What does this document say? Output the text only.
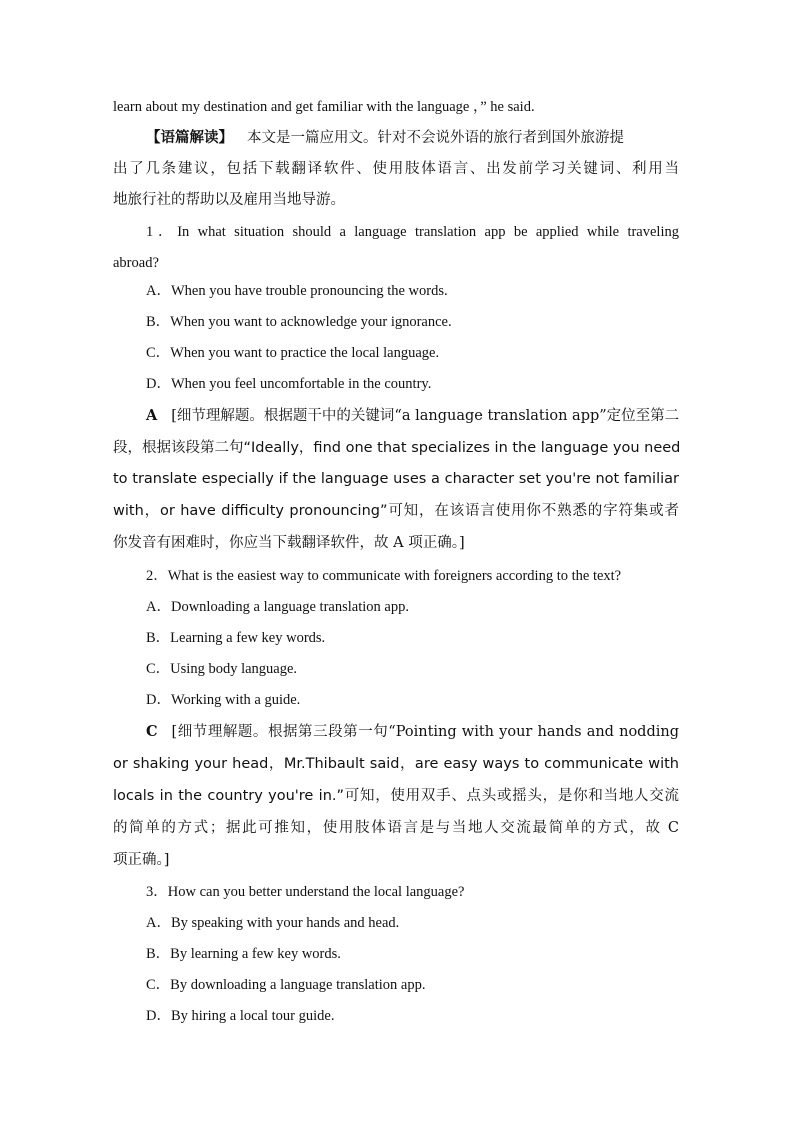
learn about my destination and get familiar with the language ，” he said.
【语篇解读】 本文是一篇应用文。针对不会说外语的旅行者到国外旅游提
出了几条建议，包括下载翻译软件、使用肢体语言、出发前学习关键词、利用当
地旅行社的帮助以及雇用当地导游。
1．In what situation should a language translation app be applied while traveling
abroad?
A．When you have trouble pronouncing the words.
B．When you want to acknowledge your ignorance.
C．When you want to practice the local language.
D．When you feel uncomfortable in the country.
A [细节理解题。根据题干中的关键词“a language translation app”定位至第二
段，根据该段第二句“Ideally，find one that specializes in the language you need
to translate especially if the language uses a character set you're not familiar
with，or have difficulty pronouncing”可知，在该语言使用你不熟悉的字符集或者
你发音有困难时，你应当下载翻译软件，故 A 项正确。]
2．What is the easiest way to communicate with foreigners according to the text?
A．Downloading a language translation app.
B．Learning a few key words.
C．Using body language.
D．Working with a guide.
C [细节理解题。根据第三段第一句“Pointing with your hands and nodding
or shaking your head，Mr.Thibault said，are easy ways to communicate with
locals in the country you're in.”可知，使用双手、点头或摇头，是你和当地人交流
的简单的方式；据此可推知，使用肢体语言是与当地人交流最简单的方式，故 C
项正确。]
3．How can you better understand the local language?
A．By speaking with your hands and head.
B．By learning a few key words.
C．By downloading a language translation app.
D．By hiring a local tour guide.
